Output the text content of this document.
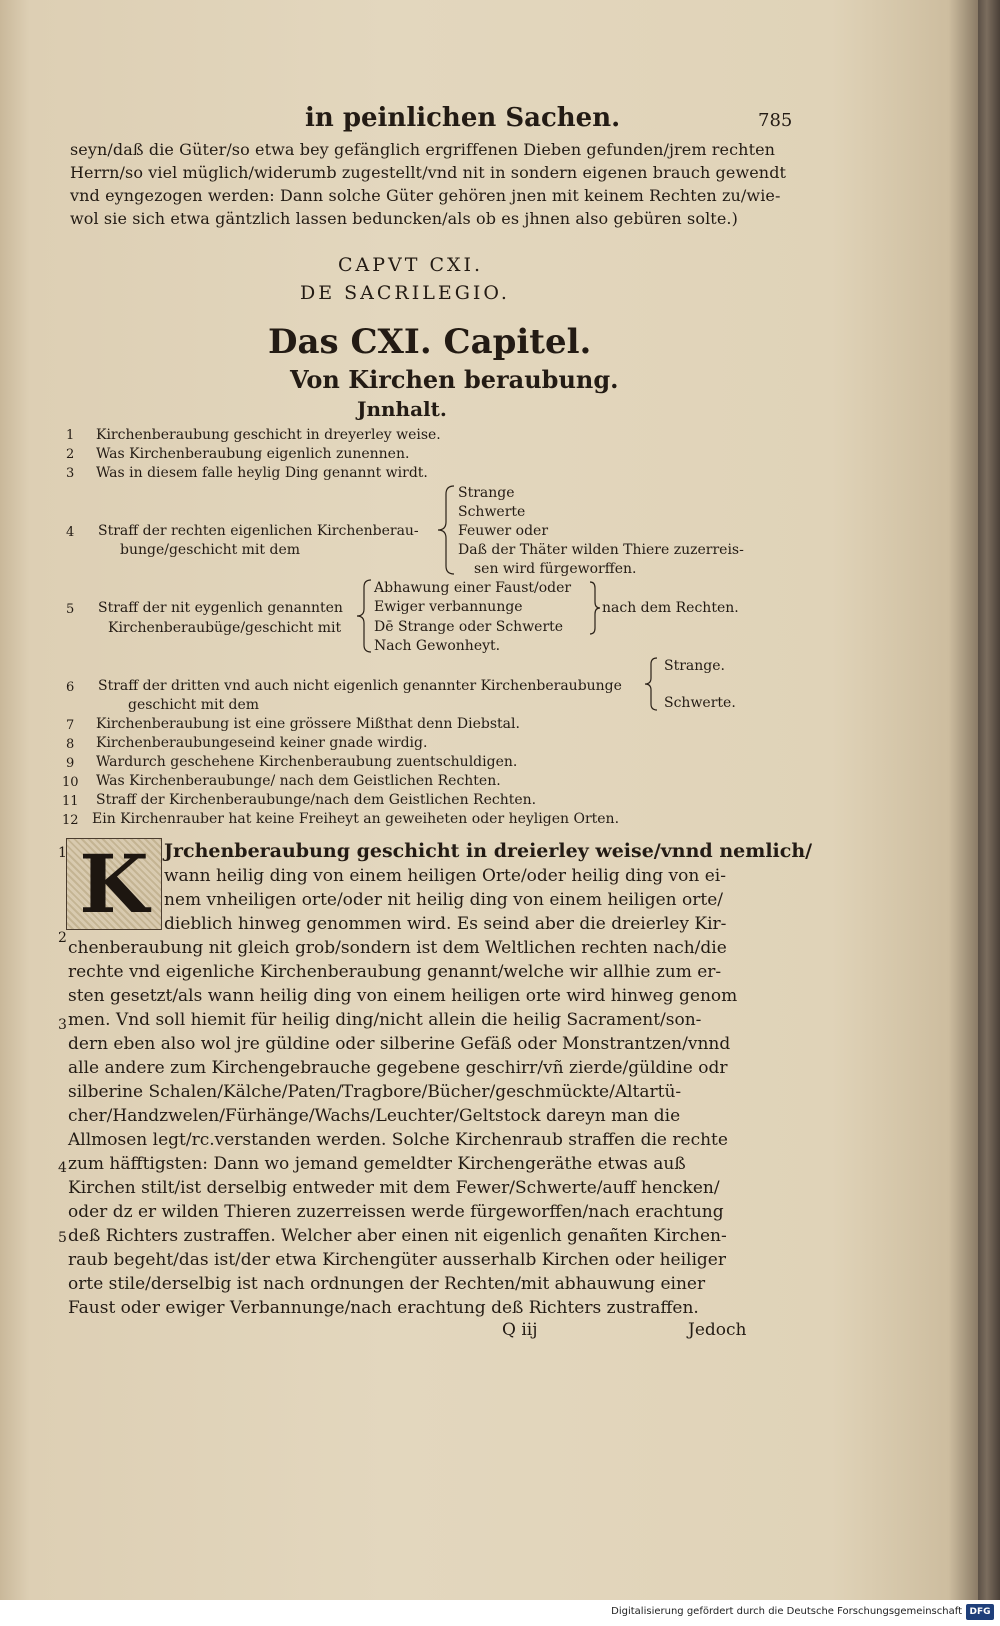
in peinlichen Sachen.	785
seyn/daß die Güter/so etwa bey gefänglich ergriffenen Dieben gefunden/jrem rechten
Herrn/so viel müglich/widerumb zugestellt/vnd nit in sondern eigenen brauch gewendt
vnd eyngezogen werden: Dann solche Güter gehören jnen mit keinem Rechten zu/wie-
wol sie sich etwa gäntzlich lassen beduncken/als ob es jhnen also gebüren solte.)
CAPVT CXI.
DE SACRILEGIO.
Das CXI. Capitel.
Von Kirchen beraubung.
Jnnhalt.
1 Kirchenberaubung geschicht in dreyerley weise.
2 Was Kirchenberaubung eigenlich zunennen.
3 Was in diesem falle heylig Ding genannt wirdt.
4 Straff der rechten eigenlichen Kirchenberau-
bunge/geschicht mit dem
Strange
Schwerte
Feuwer oder
Daß der Thäter wilden Thiere zuzerreis-
sen wird fürgeworffen.
5 Straff der nit eygenlich genannten
Kirchenberaubüge/geschicht mit
Abhawung einer Faust/oder
Ewiger verbannunge
Dē Strange oder Schwerte
Nach Gewonheyt.
nach dem Rechten.
6 Straff der dritten vnd auch nicht eigenlich genannter Kirchenberaubunge
geschicht mit dem
Strange.
Schwerte.
7 Kirchenberaubung ist eine grössere Mißthat denn Diebstal.
8 Kirchenberaubungeseind keiner gnade wirdig.
9 Wardurch geschehene Kirchenberaubung zuentschuldigen.
10 Was Kirchenberaubunge/ nach dem Geistlichen Rechten.
11 Straff der Kirchenberaubunge/nach dem Geistlichen Rechten.
12 Ein Kirchenrauber hat keine Freiheyt an geweiheten oder heyligen Orten.
K
1
2
3
4
5
Jrchenberaubung geschicht in dreierley weise/vnnd nemlich/
wann heilig ding von einem heiligen Orte/oder heilig ding von ei-
nem vnheiligen orte/oder nit heilig ding von einem heiligen orte/
dieblich hinweg genommen wird. Es seind aber die dreierley Kir-
chenberaubung nit gleich grob/sondern ist dem Weltlichen rechten nach/die
rechte vnd eigenliche Kirchenberaubung genannt/welche wir allhie zum er-
sten gesetzt/als wann heilig ding von einem heiligen orte wird hinweg genom
men. Vnd soll hiemit für heilig ding/nicht allein die heilig Sacrament/son-
dern eben also wol jre güldine oder silberine Gefäß oder Monstrantzen/vnnd
alle andere zum Kirchengebrauche gegebene geschirr/vñ zierde/güldine odr
silberine Schalen/Kälche/Paten/Tragbore/Bücher/geschmückte/Altartü-
cher/Handzwelen/Fürhänge/Wachs/Leuchter/Geltstock dareyn man die
Allmosen legt/rc.verstanden werden. Solche Kirchenraub straffen die rechte
zum häfftigsten: Dann wo jemand gemeldter Kirchengeräthe etwas auß
Kirchen stilt/ist derselbig entweder mit dem Fewer/Schwerte/auff hencken/
oder dz er wilden Thieren zuzerreissen werde fürgeworffen/nach erachtung
deß Richters zustraffen. Welcher aber einen nit eigenlich genañten Kirchen-
raub begeht/das ist/der etwa Kirchengüter ausserhalb Kirchen oder heiliger
orte stile/derselbig ist nach ordnungen der Rechten/mit abhauwung einer
Faust oder ewiger Verbannunge/nach erachtung deß Richters zustraffen.
Q iij	Jedoch
Digitalisierung gefördert durch die Deutsche Forschungsgemeinschaft DFG
